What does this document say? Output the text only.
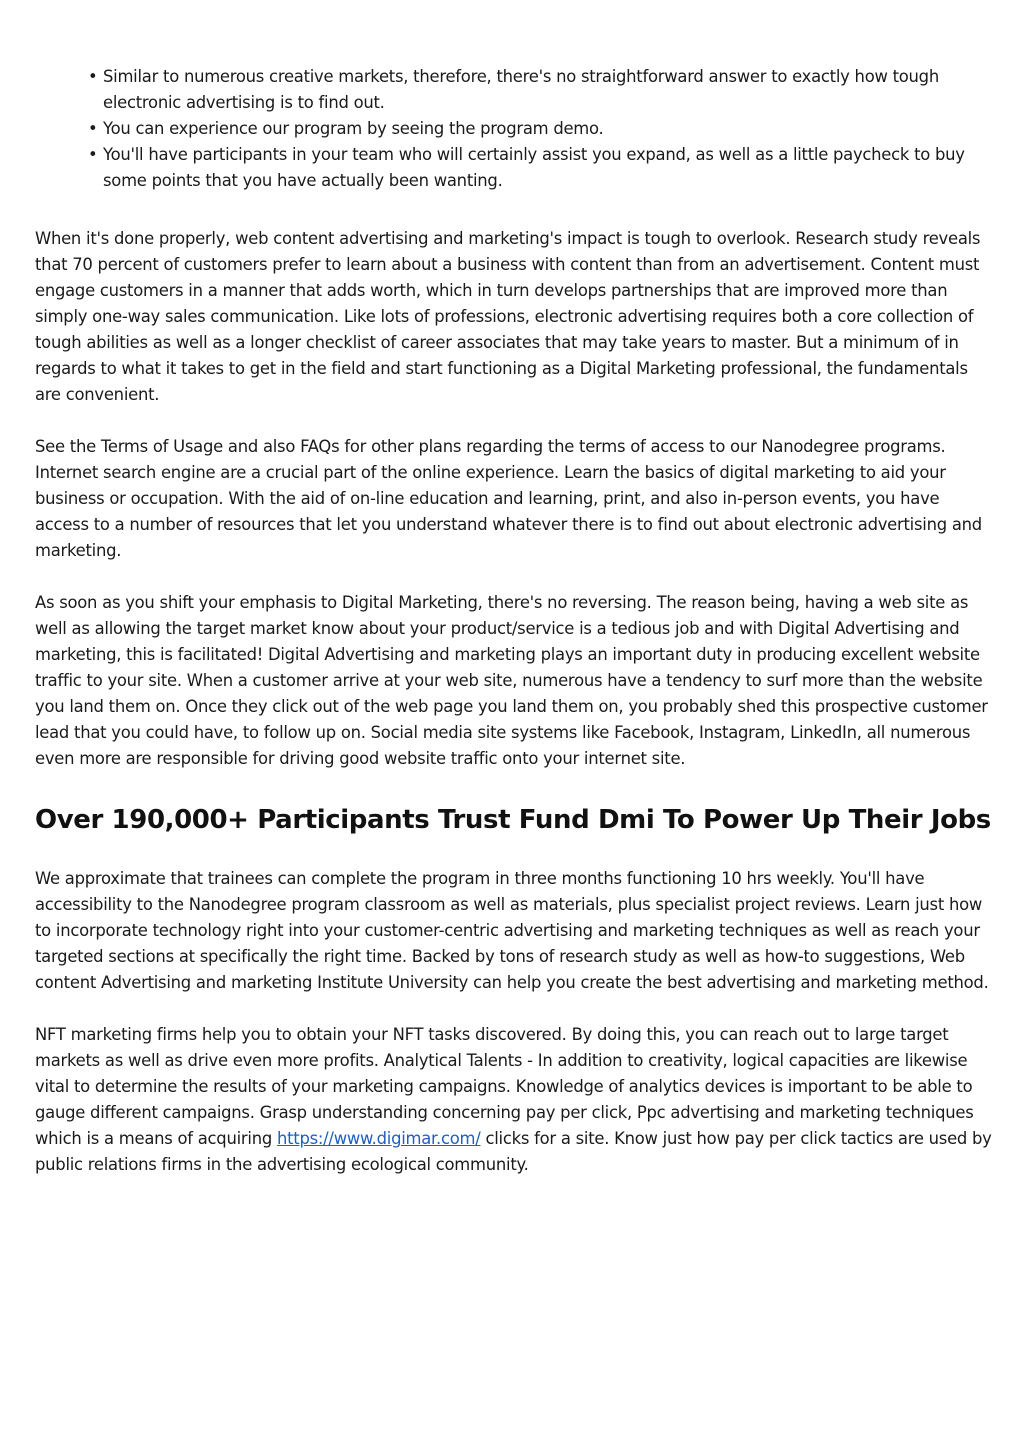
• Similar to numerous creative markets, therefore, there's no straightforward answer to exactly how tough electronic advertising is to find out.
• You can experience our program by seeing the program demo.
• You'll have participants in your team who will certainly assist you expand, as well as a little paycheck to buy some points that you have actually been wanting.

When it's done properly, web content advertising and marketing's impact is tough to overlook. Research study reveals that 70 percent of customers prefer to learn about a business with content than from an advertisement. Content must engage customers in a manner that adds worth, which in turn develops partnerships that are improved more than simply one-way sales communication. Like lots of professions, electronic advertising requires both a core collection of tough abilities as well as a longer checklist of career associates that may take years to master. But a minimum of in regards to what it takes to get in the field and start functioning as a Digital Marketing professional, the fundamentals are convenient.

See the Terms of Usage and also FAQs for other plans regarding the terms of access to our Nanodegree programs. Internet search engine are a crucial part of the online experience. Learn the basics of digital marketing to aid your business or occupation. With the aid of on-line education and learning, print, and also in-person events, you have access to a number of resources that let you understand whatever there is to find out about electronic advertising and marketing.

As soon as you shift your emphasis to Digital Marketing, there's no reversing. The reason being, having a web site as well as allowing the target market know about your product/service is a tedious job and with Digital Advertising and marketing, this is facilitated! Digital Advertising and marketing plays an important duty in producing excellent website traffic to your site. When a customer arrive at your web site, numerous have a tendency to surf more than the website you land them on. Once they click out of the web page you land them on, you probably shed this prospective customer lead that you could have, to follow up on. Social media site systems like Facebook, Instagram, LinkedIn, all numerous even more are responsible for driving good website traffic onto your internet site.

Over 190,000+ Participants Trust Fund Dmi To Power Up Their Jobs

We approximate that trainees can complete the program in three months functioning 10 hrs weekly. You'll have accessibility to the Nanodegree program classroom as well as materials, plus specialist project reviews. Learn just how to incorporate technology right into your customer-centric advertising and marketing techniques as well as reach your targeted sections at specifically the right time. Backed by tons of research study as well as how-to suggestions, Web content Advertising and marketing Institute University can help you create the best advertising and marketing method.

NFT marketing firms help you to obtain your NFT tasks discovered. By doing this, you can reach out to large target markets as well as drive even more profits. Analytical Talents - In addition to creativity, logical capacities are likewise vital to determine the results of your marketing campaigns. Knowledge of analytics devices is important to be able to gauge different campaigns. Grasp understanding concerning pay per click, Ppc advertising and marketing techniques which is a means of acquiring https://www.digimar.com/ clicks for a site. Know just how pay per click tactics are used by public relations firms in the advertising ecological community.
